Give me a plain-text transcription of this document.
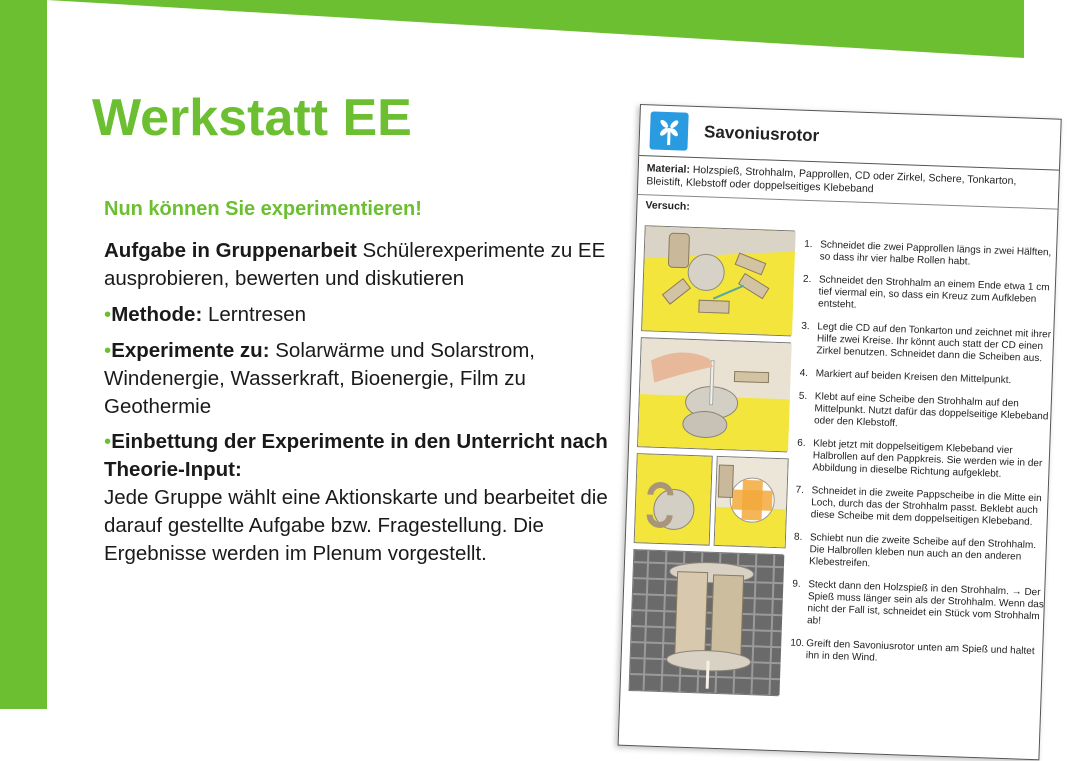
Werkstatt EE

Nun können Sie experimentieren!

Aufgabe in Gruppenarbeit Schülerexperimente zu EE ausprobieren, bewerten und diskutieren

•Methode: Lerntresen

•Experimente zu: Solarwärme und Solarstrom, Windenergie, Wasserkraft, Bioenergie, Film zu Geothermie

•Einbettung der Experimente in den Unterricht nach Theorie-Input:
Jede Gruppe wählt eine Aktionskarte und bearbeitet die darauf gestellte Aufgabe bzw. Fragestellung. Die Ergebnisse werden im Plenum vorgestellt.

Savoniusrotor
Material: Holzspieß, Strohhalm, Papprollen, CD oder Zirkel, Schere, Tonkarton, Bleistift, Klebstoff oder doppelseitiges Klebeband
Versuch:
1. Schneidet die zwei Papprollen längs in zwei Hälften, so dass ihr vier halbe Rollen habt.
2. Schneidet den Strohhalm an einem Ende etwa 1 cm tief viermal ein, so dass ein Kreuz zum Aufkleben entsteht.
3. Legt die CD auf den Tonkarton und zeichnet mit ihrer Hilfe zwei Kreise. Ihr könnt auch statt der CD einen Zirkel benutzen. Schneidet dann die Scheiben aus.
4. Markiert auf beiden Kreisen den Mittelpunkt.
5. Klebt auf eine Scheibe den Strohhalm auf den Mittelpunkt. Nutzt dafür das doppelseitige Klebeband oder den Klebstoff.
6. Klebt jetzt mit doppelseitigem Klebeband vier Halbrollen auf den Pappkreis. Sie werden wie in der Abbildung in dieselbe Richtung aufgeklebt.
7. Schneidet in die zweite Pappscheibe in die Mitte ein Loch, durch das der Strohhalm passt. Beklebt auch diese Scheibe mit dem doppelseitigen Klebeband.
8. Schiebt nun die zweite Scheibe auf den Strohhalm. Die Halbrollen kleben nun auch an den anderen Klebestreifen.
9. Steckt dann den Holzspieß in den Strohhalm. → Der Spieß muss länger sein als der Strohhalm. Wenn das nicht der Fall ist, schneidet ein Stück vom Strohhalm ab!
10. Greift den Savoniusrotor unten am Spieß und haltet ihn in den Wind.
